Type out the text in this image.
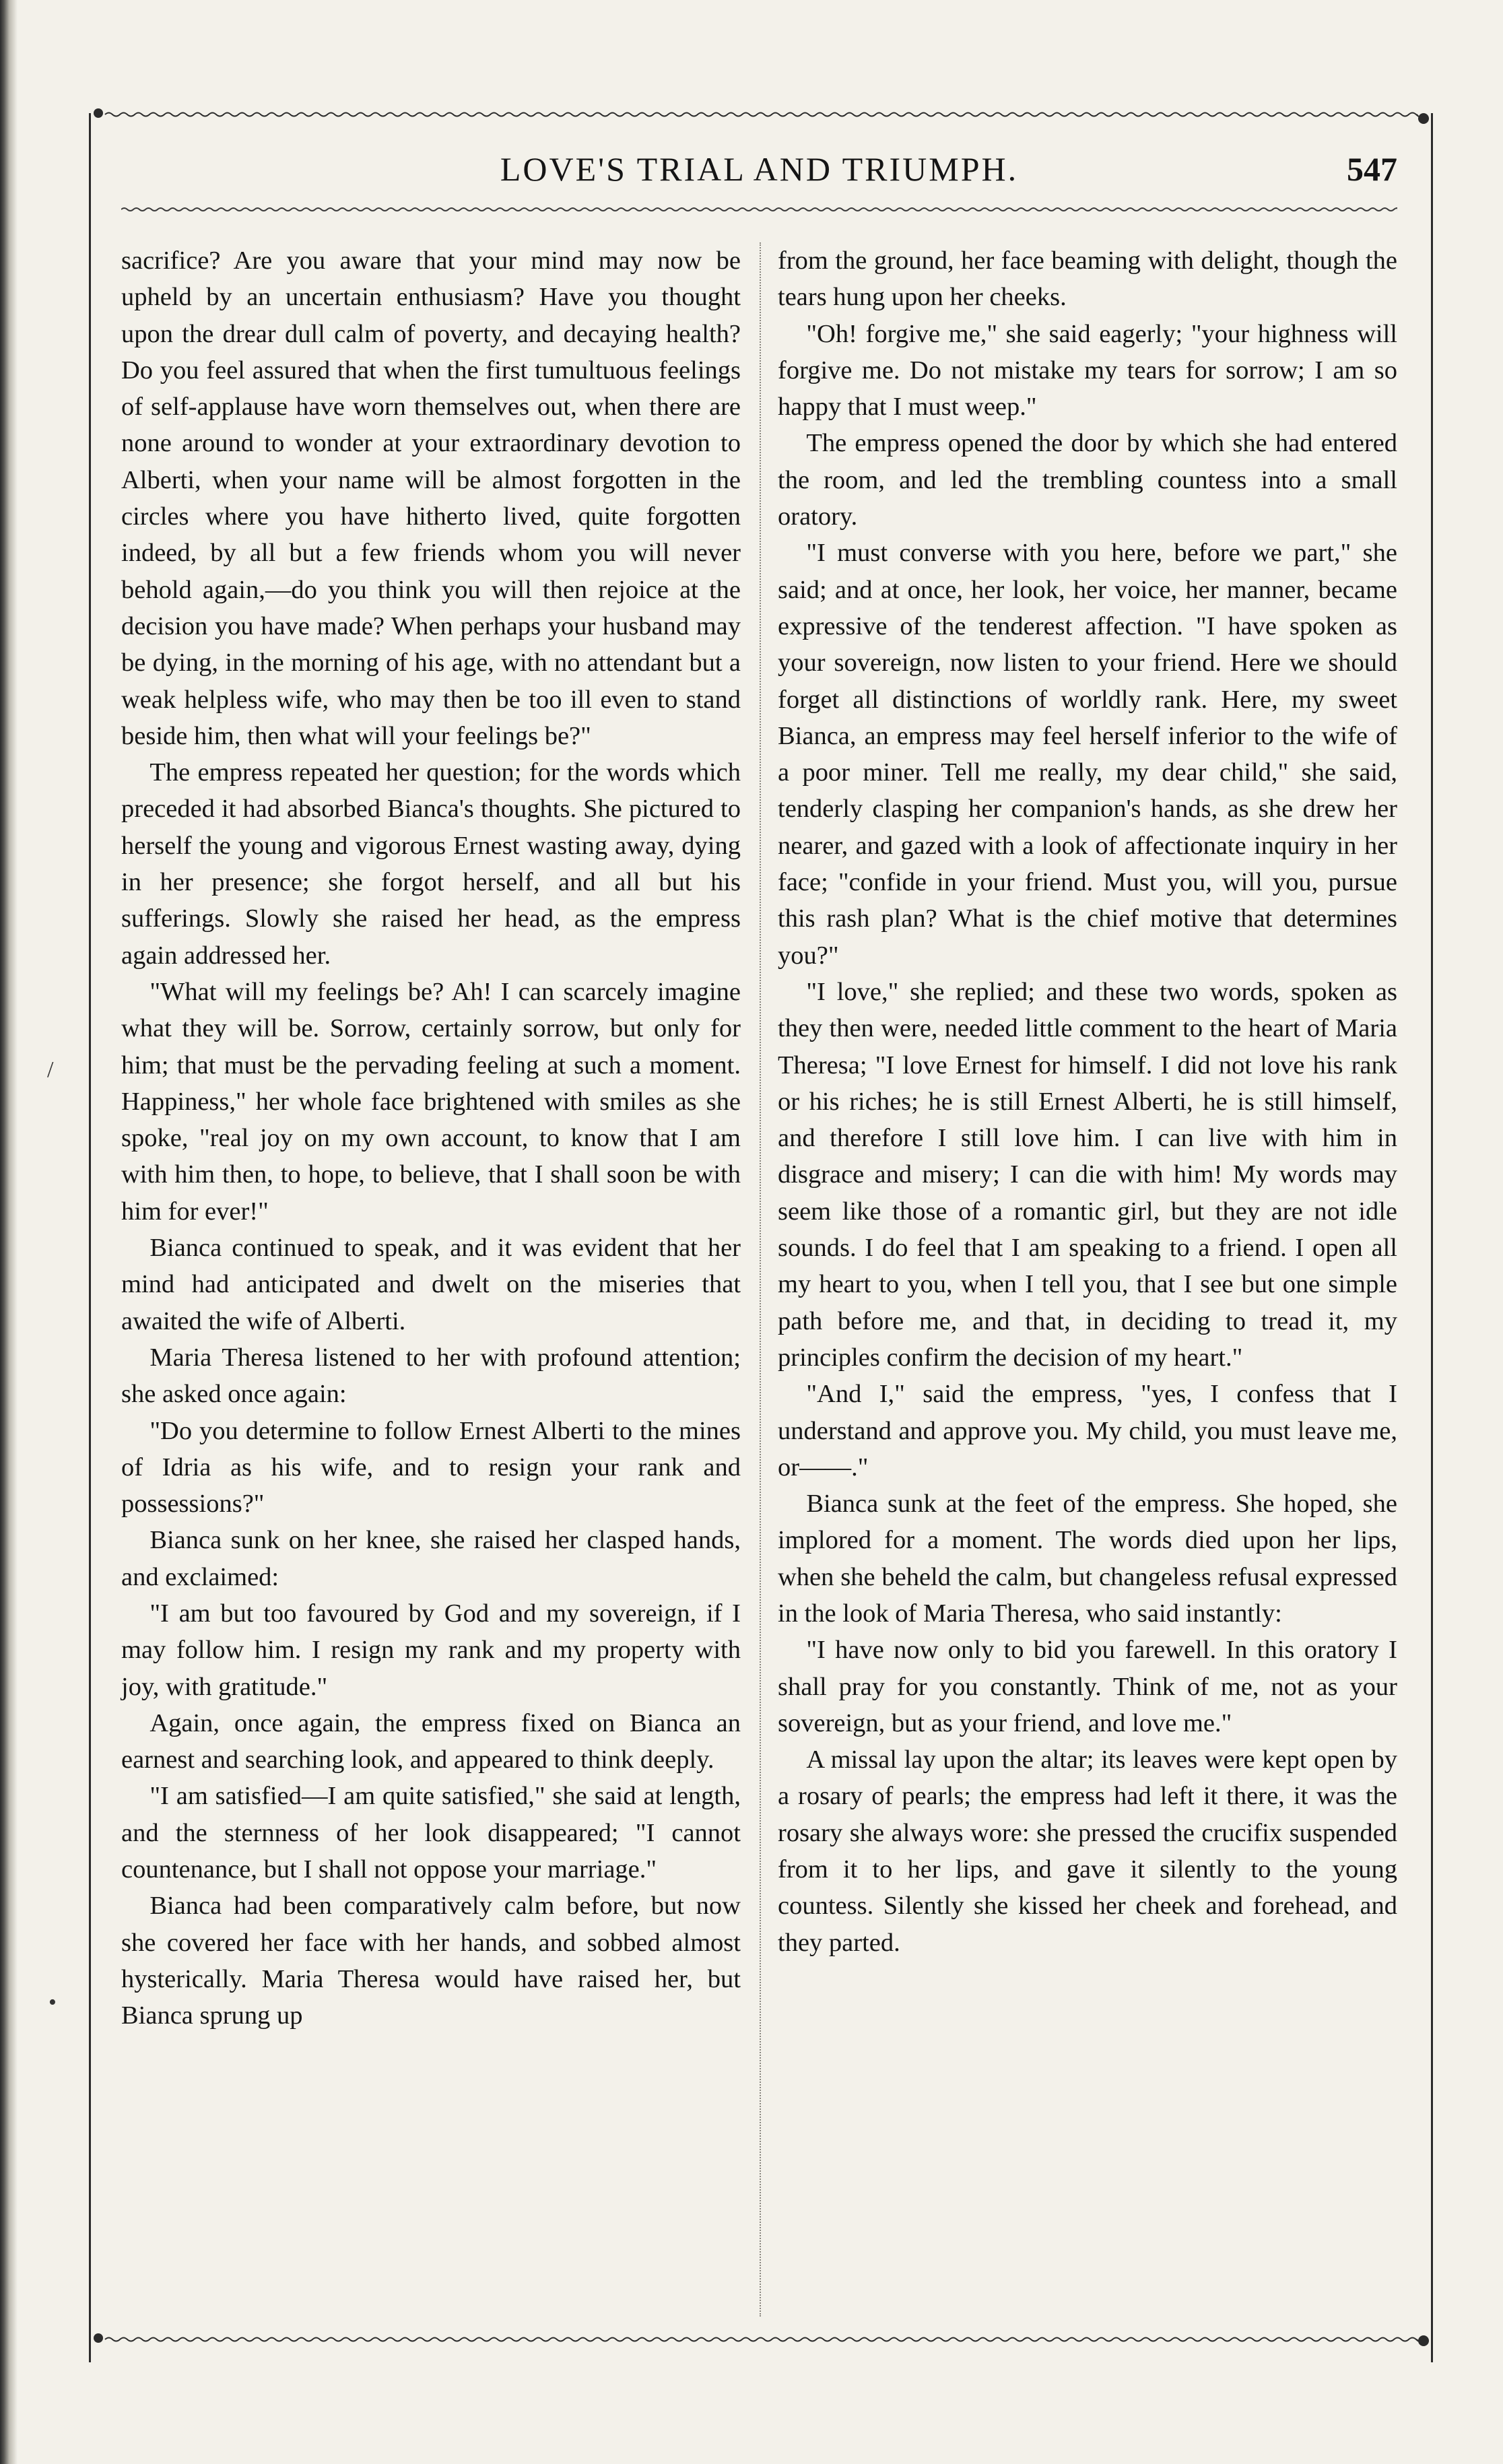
LOVE'S TRIAL AND TRIUMPH.	547

sacrifice? Are you aware that your mind may now be upheld by an uncertain enthusiasm? Have you thought upon the drear dull calm of poverty, and decaying health? Do you feel assured that when the first tumultuous feelings of self-applause have worn themselves out, when there are none around to wonder at your extraordinary devotion to Alberti, when your name will be almost forgotten in the circles where you have hitherto lived, quite forgotten indeed, by all but a few friends whom you will never behold again,—do you think you will then rejoice at the decision you have made? When perhaps your husband may be dying, in the morning of his age, with no attendant but a weak helpless wife, who may then be too ill even to stand beside him, then what will your feelings be?"

The empress repeated her question; for the words which preceded it had absorbed Bianca's thoughts. She pictured to herself the young and vigorous Ernest wasting away, dying in her presence; she forgot herself, and all but his sufferings. Slowly she raised her head, as the empress again addressed her.

"What will my feelings be? Ah! I can scarcely imagine what they will be. Sorrow, certainly sorrow, but only for him; that must be the pervading feeling at such a moment. Happiness," her whole face brightened with smiles as she spoke, "real joy on my own account, to know that I am with him then, to hope, to believe, that I shall soon be with him for ever!"

Bianca continued to speak, and it was evident that her mind had anticipated and dwelt on the miseries that awaited the wife of Alberti.

Maria Theresa listened to her with profound attention; she asked once again:

"Do you determine to follow Ernest Alberti to the mines of Idria as his wife, and to resign your rank and possessions?"

Bianca sunk on her knee, she raised her clasped hands, and exclaimed:

"I am but too favoured by God and my sovereign, if I may follow him. I resign my rank and my property with joy, with gratitude."

Again, once again, the empress fixed on Bianca an earnest and searching look, and appeared to think deeply.

"I am satisfied—I am quite satisfied," she said at length, and the sternness of her look disappeared; "I cannot countenance, but I shall not oppose your marriage."

Bianca had been comparatively calm before, but now she covered her face with her hands, and sobbed almost hysterically. Maria Theresa would have raised her, but Bianca sprung up

from the ground, her face beaming with delight, though the tears hung upon her cheeks.

"Oh! forgive me," she said eagerly; "your highness will forgive me. Do not mistake my tears for sorrow; I am so happy that I must weep."

The empress opened the door by which she had entered the room, and led the trembling countess into a small oratory.

"I must converse with you here, before we part," she said; and at once, her look, her voice, her manner, became expressive of the tenderest affection. "I have spoken as your sovereign, now listen to your friend. Here we should forget all distinctions of worldly rank. Here, my sweet Bianca, an empress may feel herself inferior to the wife of a poor miner. Tell me really, my dear child," she said, tenderly clasping her companion's hands, as she drew her nearer, and gazed with a look of affectionate inquiry in her face; "confide in your friend. Must you, will you, pursue this rash plan? What is the chief motive that determines you?"

"I love," she replied; and these two words, spoken as they then were, needed little comment to the heart of Maria Theresa; "I love Ernest for himself. I did not love his rank or his riches; he is still Ernest Alberti, he is still himself, and therefore I still love him. I can live with him in disgrace and misery; I can die with him! My words may seem like those of a romantic girl, but they are not idle sounds. I do feel that I am speaking to a friend. I open all my heart to you, when I tell you, that I see but one simple path before me, and that, in deciding to tread it, my principles confirm the decision of my heart."

"And I," said the empress, "yes, I confess that I understand and approve you. My child, you must leave me, or——."

Bianca sunk at the feet of the empress. She hoped, she implored for a moment. The words died upon her lips, when she beheld the calm, but changeless refusal expressed in the look of Maria Theresa, who said instantly:

"I have now only to bid you farewell. In this oratory I shall pray for you constantly. Think of me, not as your sovereign, but as your friend, and love me."

A missal lay upon the altar; its leaves were kept open by a rosary of pearls; the empress had left it there, it was the rosary she always wore: she pressed the crucifix suspended from it to her lips, and gave it silently to the young countess. Silently she kissed her cheek and forehead, and they parted.

/
•
